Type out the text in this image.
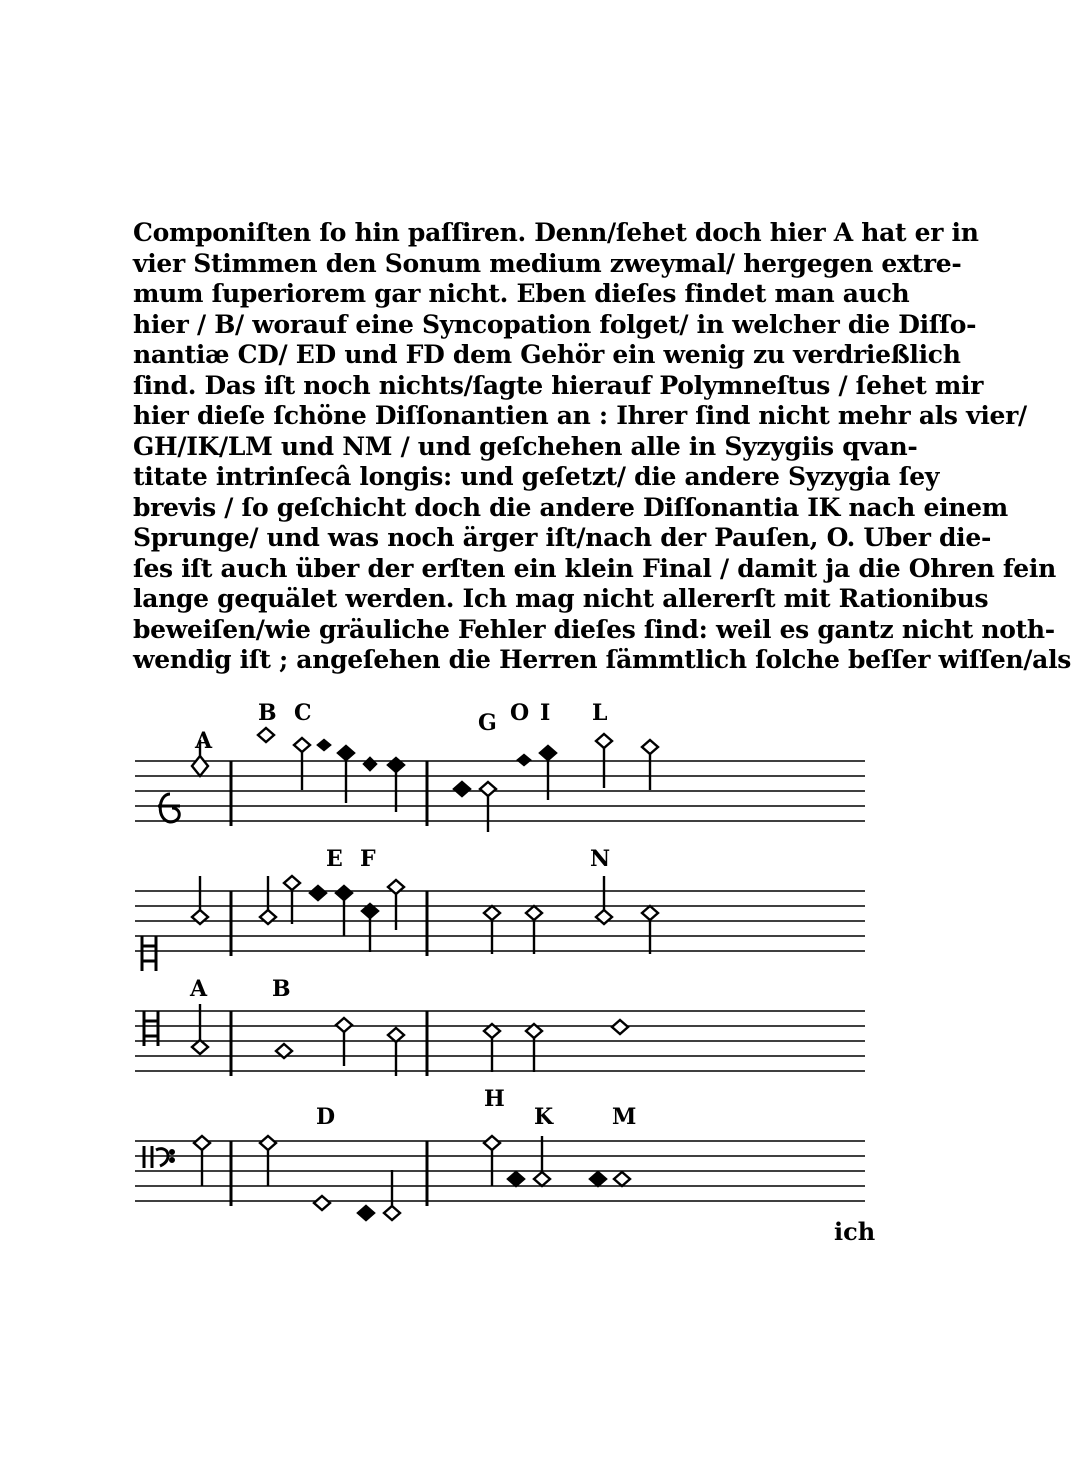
Componiſten ſo hin paſſiren. Denn/ſehet doch hier A hat er in
vier Stimmen den Sonum medium zweymal/ hergegen extre-
mum ſuperiorem gar nicht. Eben dieſes findet man auch
hier / B/ worauf eine Syncopation folget/ in welcher die Diſſo-
nantiæ CD/ ED und FD dem Gehör ein wenig zu verdrießlich
ſind. Das iſt noch nichts/ſagte hierauf Polymneſtus / ſehet mir
hier dieſe ſchöne Diſſonantien an : Ihrer ſind nicht mehr als vier/
GH/IK/LM und NM / und geſchehen alle in Syzygiis qvan-
titate intrinſecâ longis: und geſetzt/ die andere Syzygia ſey
brevis / ſo geſchicht doch die andere Diſſonantia IK nach einem
Sprunge/ und was noch ärger iſt/nach der Pauſen, O. Uber die-
ſes iſt auch über der erſten ein klein Final / damit ja die Ohren fein
lange gequälet werden. Ich mag nicht allererſt mit Rationibus
beweiſen/wie gräuliche Fehler dieſes ſind: weil es gantz nicht noth-
wendig iſt ; angeſehen die Herren ſämmtlich ſolche beſſer wiſſen/als
A
B C	G O I L
E F	N
A	B
D
H
K	M
ich
